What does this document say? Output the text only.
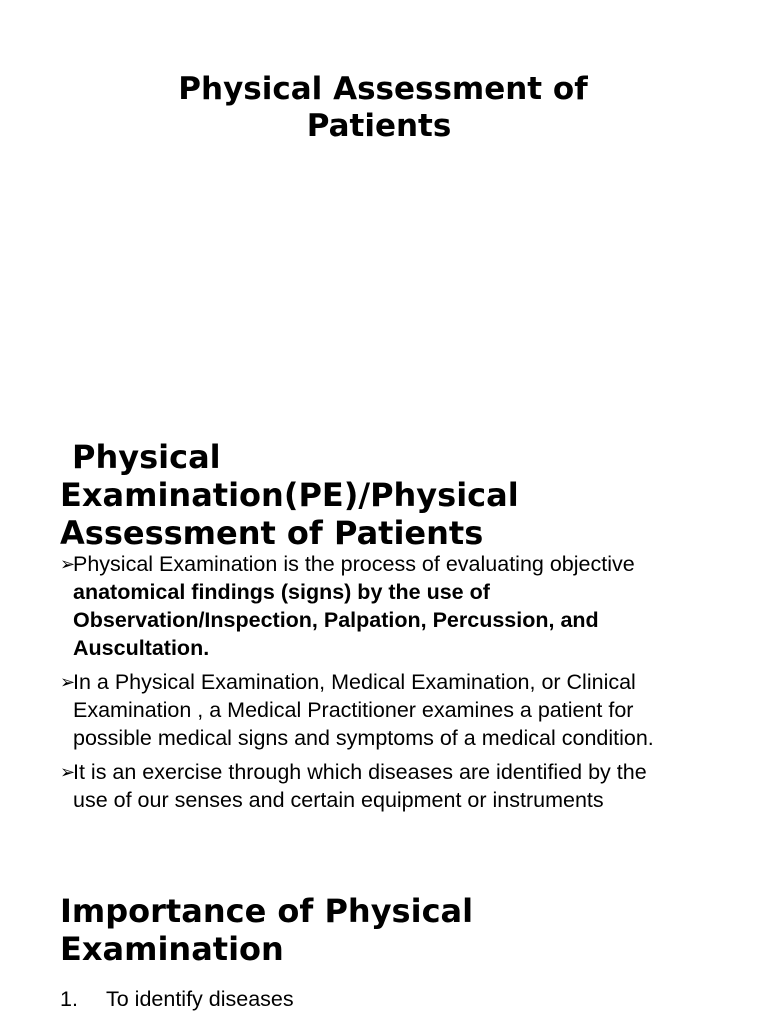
Physical Assessment of
Patients
Physical
Examination(PE)/Physical
Assessment of Patients
➢
Physical Examination is the process of evaluating objective
anatomical findings (signs) by the use of
Observation/Inspection, Palpation, Percussion, and
Auscultation.
➢
In a Physical Examination, Medical Examination, or Clinical
Examination , a Medical Practitioner examines a patient for
possible medical signs and symptoms of a medical condition.
➢
It is an exercise through which diseases are identified by the
use of our senses and certain equipment or instruments
Importance of Physical
Examination
1. To identify diseases
